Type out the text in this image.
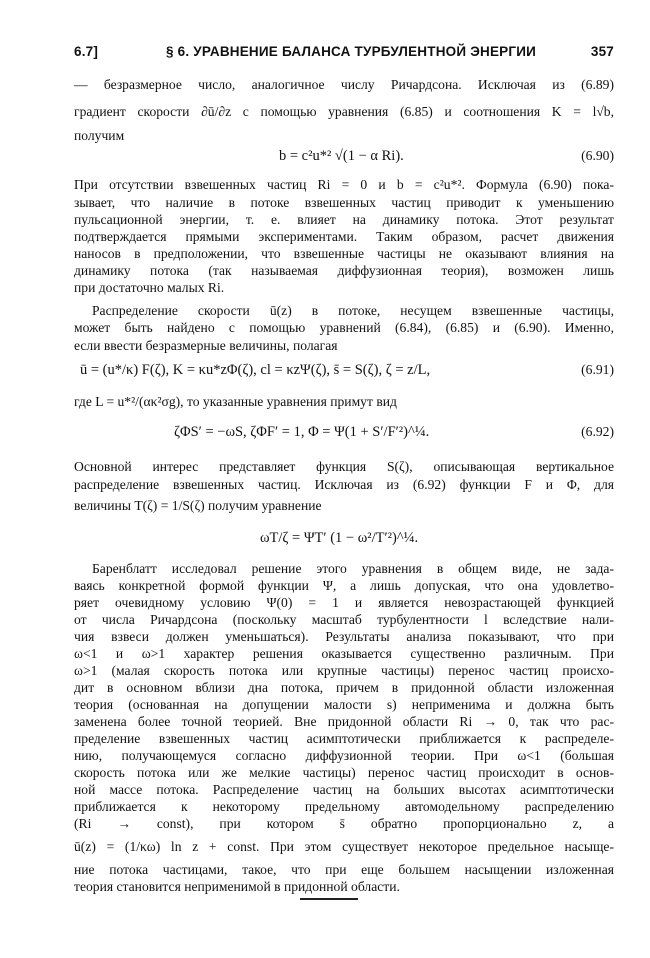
6.7]	§ 6. УРАВНЕНИЕ БАЛАНСА ТУРБУЛЕНТНОЙ ЭНЕРГИИ	357
— безразмерное число, аналогичное числу Ричардсона. Исключая из (6.89)
градиент скорости ∂ū/∂z с помощью уравнения (6.85) и соотношения K = l√b,
получим
b = c²u*² √(1 − α Ri).	(6.90)
При отсутствии взвешенных частиц Ri = 0 и b = c²u*². Формула (6.90) пока-
зывает, что наличие в потоке взвешенных частиц приводит к уменьшению
пульсационной энергии, т. е. влияет на динамику потока. Этот результат
подтверждается прямыми экспериментами. Таким образом, расчет движения
наносов в предположении, что взвешенные частицы не оказывают влияния на
динамику потока (так называемая диффузионная теория), возможен лишь
при достаточно малых Ri.
Распределение скорости ū(z) в потоке, несущем взвешенные частицы,
может быть найдено с помощью уравнений (6.84), (6.85) и (6.90). Именно,
если ввести безразмерные величины, полагая
ū = (u*/κ) F(ζ), K = κu*zΦ(ζ), cl = κzΨ(ζ), s̄ = S(ζ), ζ = z/L,	(6.91)
где L = u*²/(ακ²σg), то указанные уравнения примут вид
ζΦS′ = −ωS, ζΦF′ = 1, Φ = Ψ(1 + S′/F′²)^¼.	(6.92)
Основной интерес представляет функция S(ζ), описывающая вертикальное
распределение взвешенных частиц. Исключая из (6.92) функции F и Φ, для
величины T(ζ) = 1/S(ζ) получим уравнение
ωT/ζ = ΨT′ (1 − ω²/T′²)^¼.
Баренблатт исследовал решение этого уравнения в общем виде, не задa-
ваясь конкретной формой функции Ψ, а лишь допуская, что она удовлетво-
ряет очевидному условию Ψ(0) = 1 и является невозрастающей функцией
от числа Ричардсона (поскольку масштаб турбулентности l вследствие нали-
чия взвеси должен уменьшаться). Результаты анализа показывают, что при
ω<1 и ω>1 характер решения оказывается существенно различным. При
ω>1 (малая скорость потока или крупные частицы) перенос частиц происхо-
дит в основном вблизи дна потока, причем в придонной области изложенная
теория (основанная на допущении малости s) неприменима и должна быть
заменена более точной теорией. Вне придонной области Ri → 0, так что рас-
пределение взвешенных частиц асимптотически приближается к распределе-
нию, получающемуся согласно диффузионной теории. При ω<1 (большая
скорость потока или же мелкие частицы) перенос частиц происходит в основ-
ной массе потока. Распределение частиц на больших высотах асимптотически
приближается к некоторому предельному автомодельному распределению
(Ri → const), при котором s̄ обратно пропорционально z, а
ū(z) = (1/κω) ln z + const. При этом существует некоторое предельное насыще-
ние потока частицами, такое, что при еще большем насыщении изложенная
теория становится неприменимой в придонной области.
